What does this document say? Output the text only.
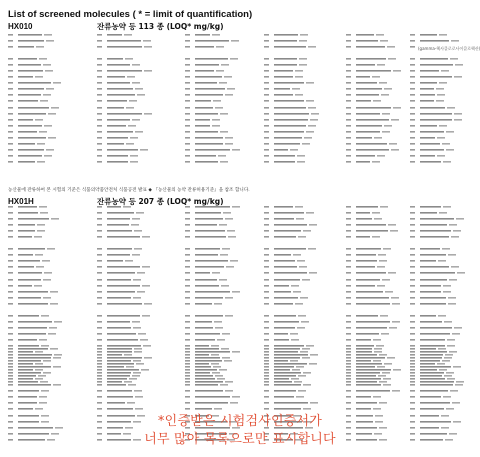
List of screened molecules ( * = limit of quantification)
HX010	잔류농약 등 113 종 (LOQ* mg/kg)
농산물에 잔류하여 본 시험의 기준은 식품의약품안전처 식품공전 발표 ◆ 『농산물의 농약 잔류허용기준』을 참조 합니다.
HX01H	잔류농약 등 207 종 (LOQ* mg/kg)
(gamma-헥사클로로사이클로헥산)
*인증받은 시험검사인증서가
너무 많아 목록으로만 표시합니다
